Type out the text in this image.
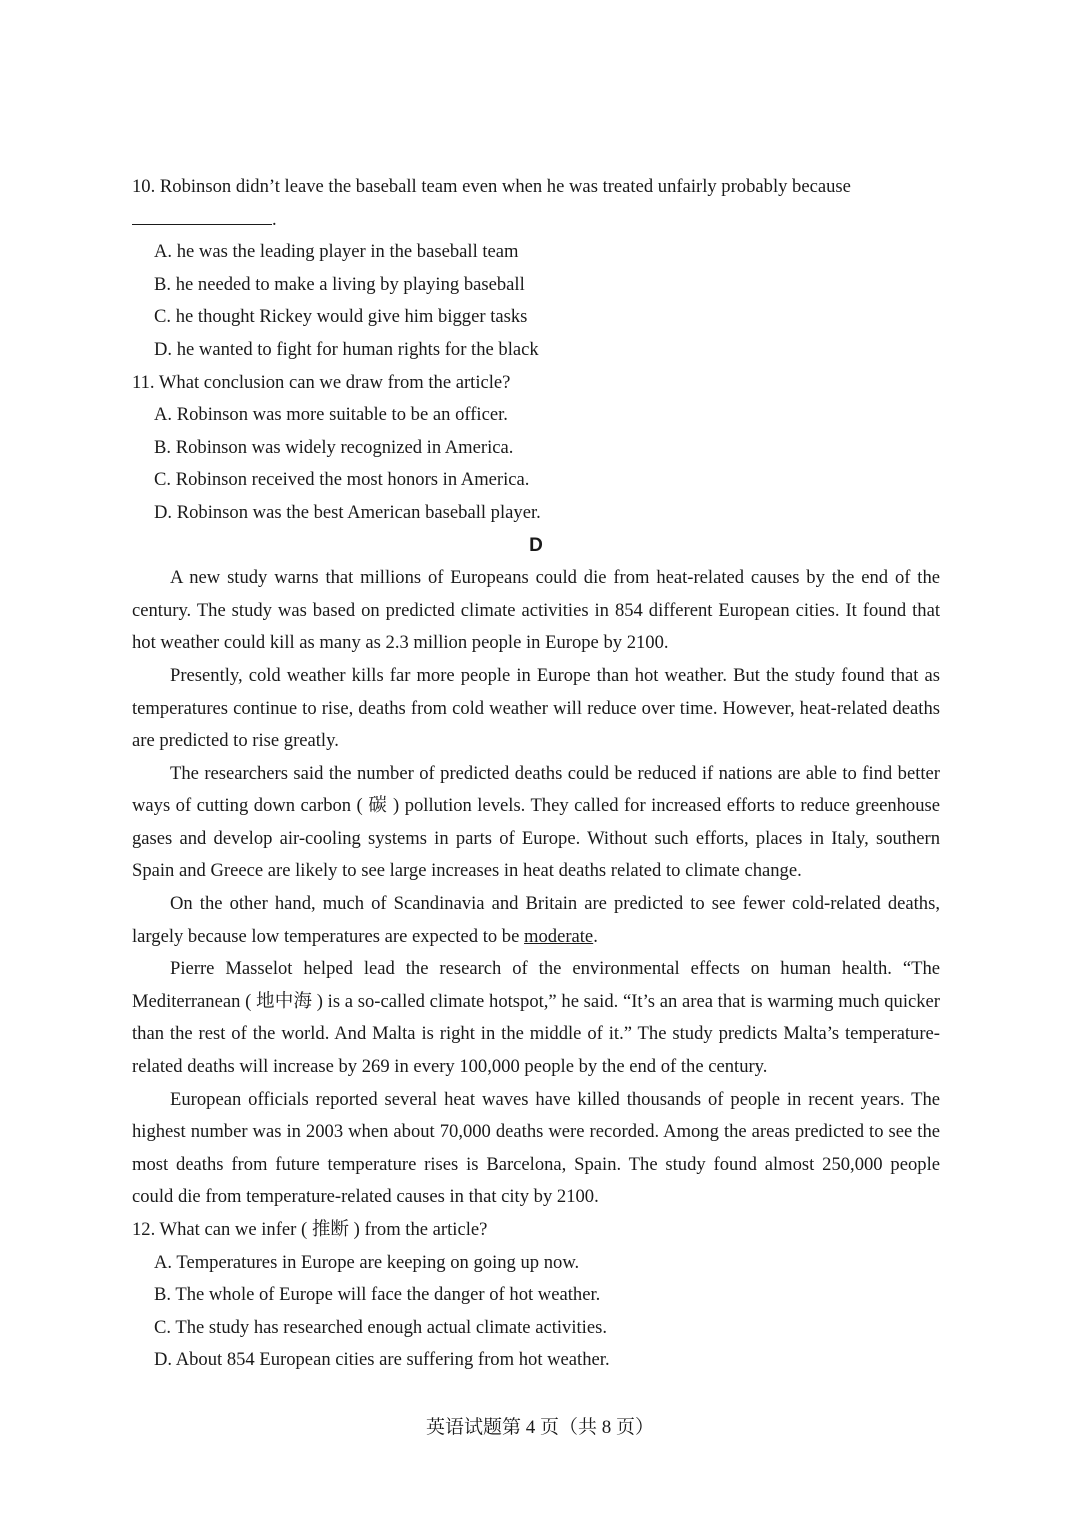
10. Robinson didn’t leave the baseball team even when he was treated unfairly probably because
.
A. he was the leading player in the baseball team
B. he needed to make a living by playing baseball
C. he thought Rickey would give him bigger tasks
D. he wanted to fight for human rights for the black
11. What conclusion can we draw from the article?
A. Robinson was more suitable to be an officer.
B. Robinson was widely recognized in America.
C. Robinson received the most honors in America.
D. Robinson was the best American baseball player.
D

A new study warns that millions of Europeans could die from heat-related causes by the end of the century. The study was based on predicted climate activities in 854 different European cities. It found that hot weather could kill as many as 2.3 million people in Europe by 2100.

Presently, cold weather kills far more people in Europe than hot weather. But the study found that as temperatures continue to rise, deaths from cold weather will reduce over time. However, heat-related deaths are predicted to rise greatly.

The researchers said the number of predicted deaths could be reduced if nations are able to find better ways of cutting down carbon ( 碳 ) pollution levels. They called for increased efforts to reduce greenhouse gases and develop air-cooling systems in parts of Europe. Without such efforts, places in Italy, southern Spain and Greece are likely to see large increases in heat deaths related to climate change.

On the other hand, much of Scandinavia and Britain are predicted to see fewer cold-related deaths, largely because low temperatures are expected to be moderate.

Pierre Masselot helped lead the research of the environmental effects on human health. “The Mediterranean ( 地中海 ) is a so-called climate hotspot,” he said. “It’s an area that is warming much quicker than the rest of the world. And Malta is right in the middle of it.” The study predicts Malta’s temperature-related deaths will increase by 269 in every 100,000 people by the end of the century.

European officials reported several heat waves have killed thousands of people in recent years. The highest number was in 2003 when about 70,000 deaths were recorded. Among the areas predicted to see the most deaths from future temperature rises is Barcelona, Spain. The study found almost 250,000 people could die from temperature-related causes in that city by 2100.

12. What can we infer ( 推断 ) from the article?
A. Temperatures in Europe are keeping on going up now.
B. The whole of Europe will face the danger of hot weather.
C. The study has researched enough actual climate activities.
D. About 854 European cities are suffering from hot weather.
英语试题第 4 页（共 8 页）
